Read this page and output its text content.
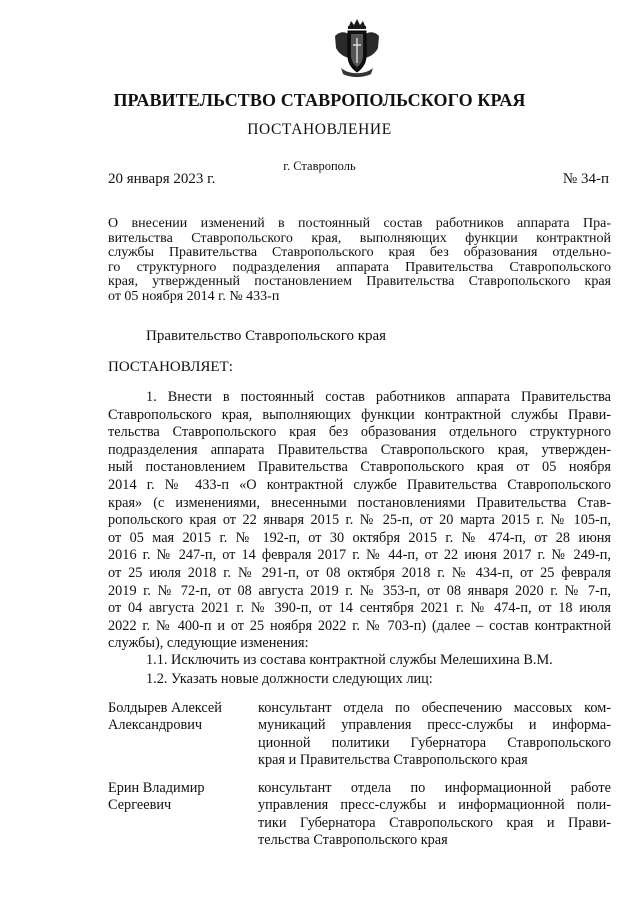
ПРАВИТЕЛЬСТВО СТАВРОПОЛЬСКОГО КРАЯ
ПОСТАНОВЛЕНИЕ
г. Ставрополь
20 января 2023 г.	№ 34-п
О внесении изменений в постоянный состав работников аппарата Пра-
вительства Ставропольского края, выполняющих функции контрактной
службы Правительства Ставропольского края без образования отдельно-
го структурного подразделения аппарата Правительства Ставропольского
края, утвержденный постановлением Правительства Ставропольского края
от 05 ноября 2014 г. № 433-п
Правительство Ставропольского края
ПОСТАНОВЛЯЕТ:
1. Внести в постоянный состав работников аппарата Правительства
Ставропольского края, выполняющих функции контрактной службы Прави-
тельства Ставропольского края без образования отдельного структурного
подразделения аппарата Правительства Ставропольского края, утвержден-
ный постановлением Правительства Ставропольского края от 05 ноября
2014 г. № 433-п «О контрактной службе Правительства Ставропольского
края» (с изменениями, внесенными постановлениями Правительства Став-
ропольского края от 22 января 2015 г. № 25-п, от 20 марта 2015 г. № 105-п,
от 05 мая 2015 г. № 192-п, от 30 октября 2015 г. № 474-п, от 28 июня
2016 г. № 247-п, от 14 февраля 2017 г. № 44-п, от 22 июня 2017 г. № 249-п,
от 25 июля 2018 г. № 291-п, от 08 октября 2018 г. № 434-п, от 25 февраля
2019 г. № 72-п, от 08 августа 2019 г. № 353-п, от 08 января 2020 г. № 7-п,
от 04 августа 2021 г. № 390-п, от 14 сентября 2021 г. № 474-п, от 18 июля
2022 г. № 400-п и от 25 ноября 2022 г. № 703-п) (далее – состав контрактной
службы), следующие изменения:
1.1. Исключить из состава контрактной службы Мелешихина В.М.
1.2. Указать новые должности следующих лиц:
Болдырев Алексей
Александрович
консультант отдела по обеспечению массовых ком-
муникаций управления пресс-службы и информа-
ционной политики Губернатора Ставропольского
края и Правительства Ставропольского края
Ерин Владимир
Сергеевич
консультант отдела по информационной работе
управления пресс-службы и информационной поли-
тики Губернатора Ставропольского края и Прави-
тельства Ставропольского края
